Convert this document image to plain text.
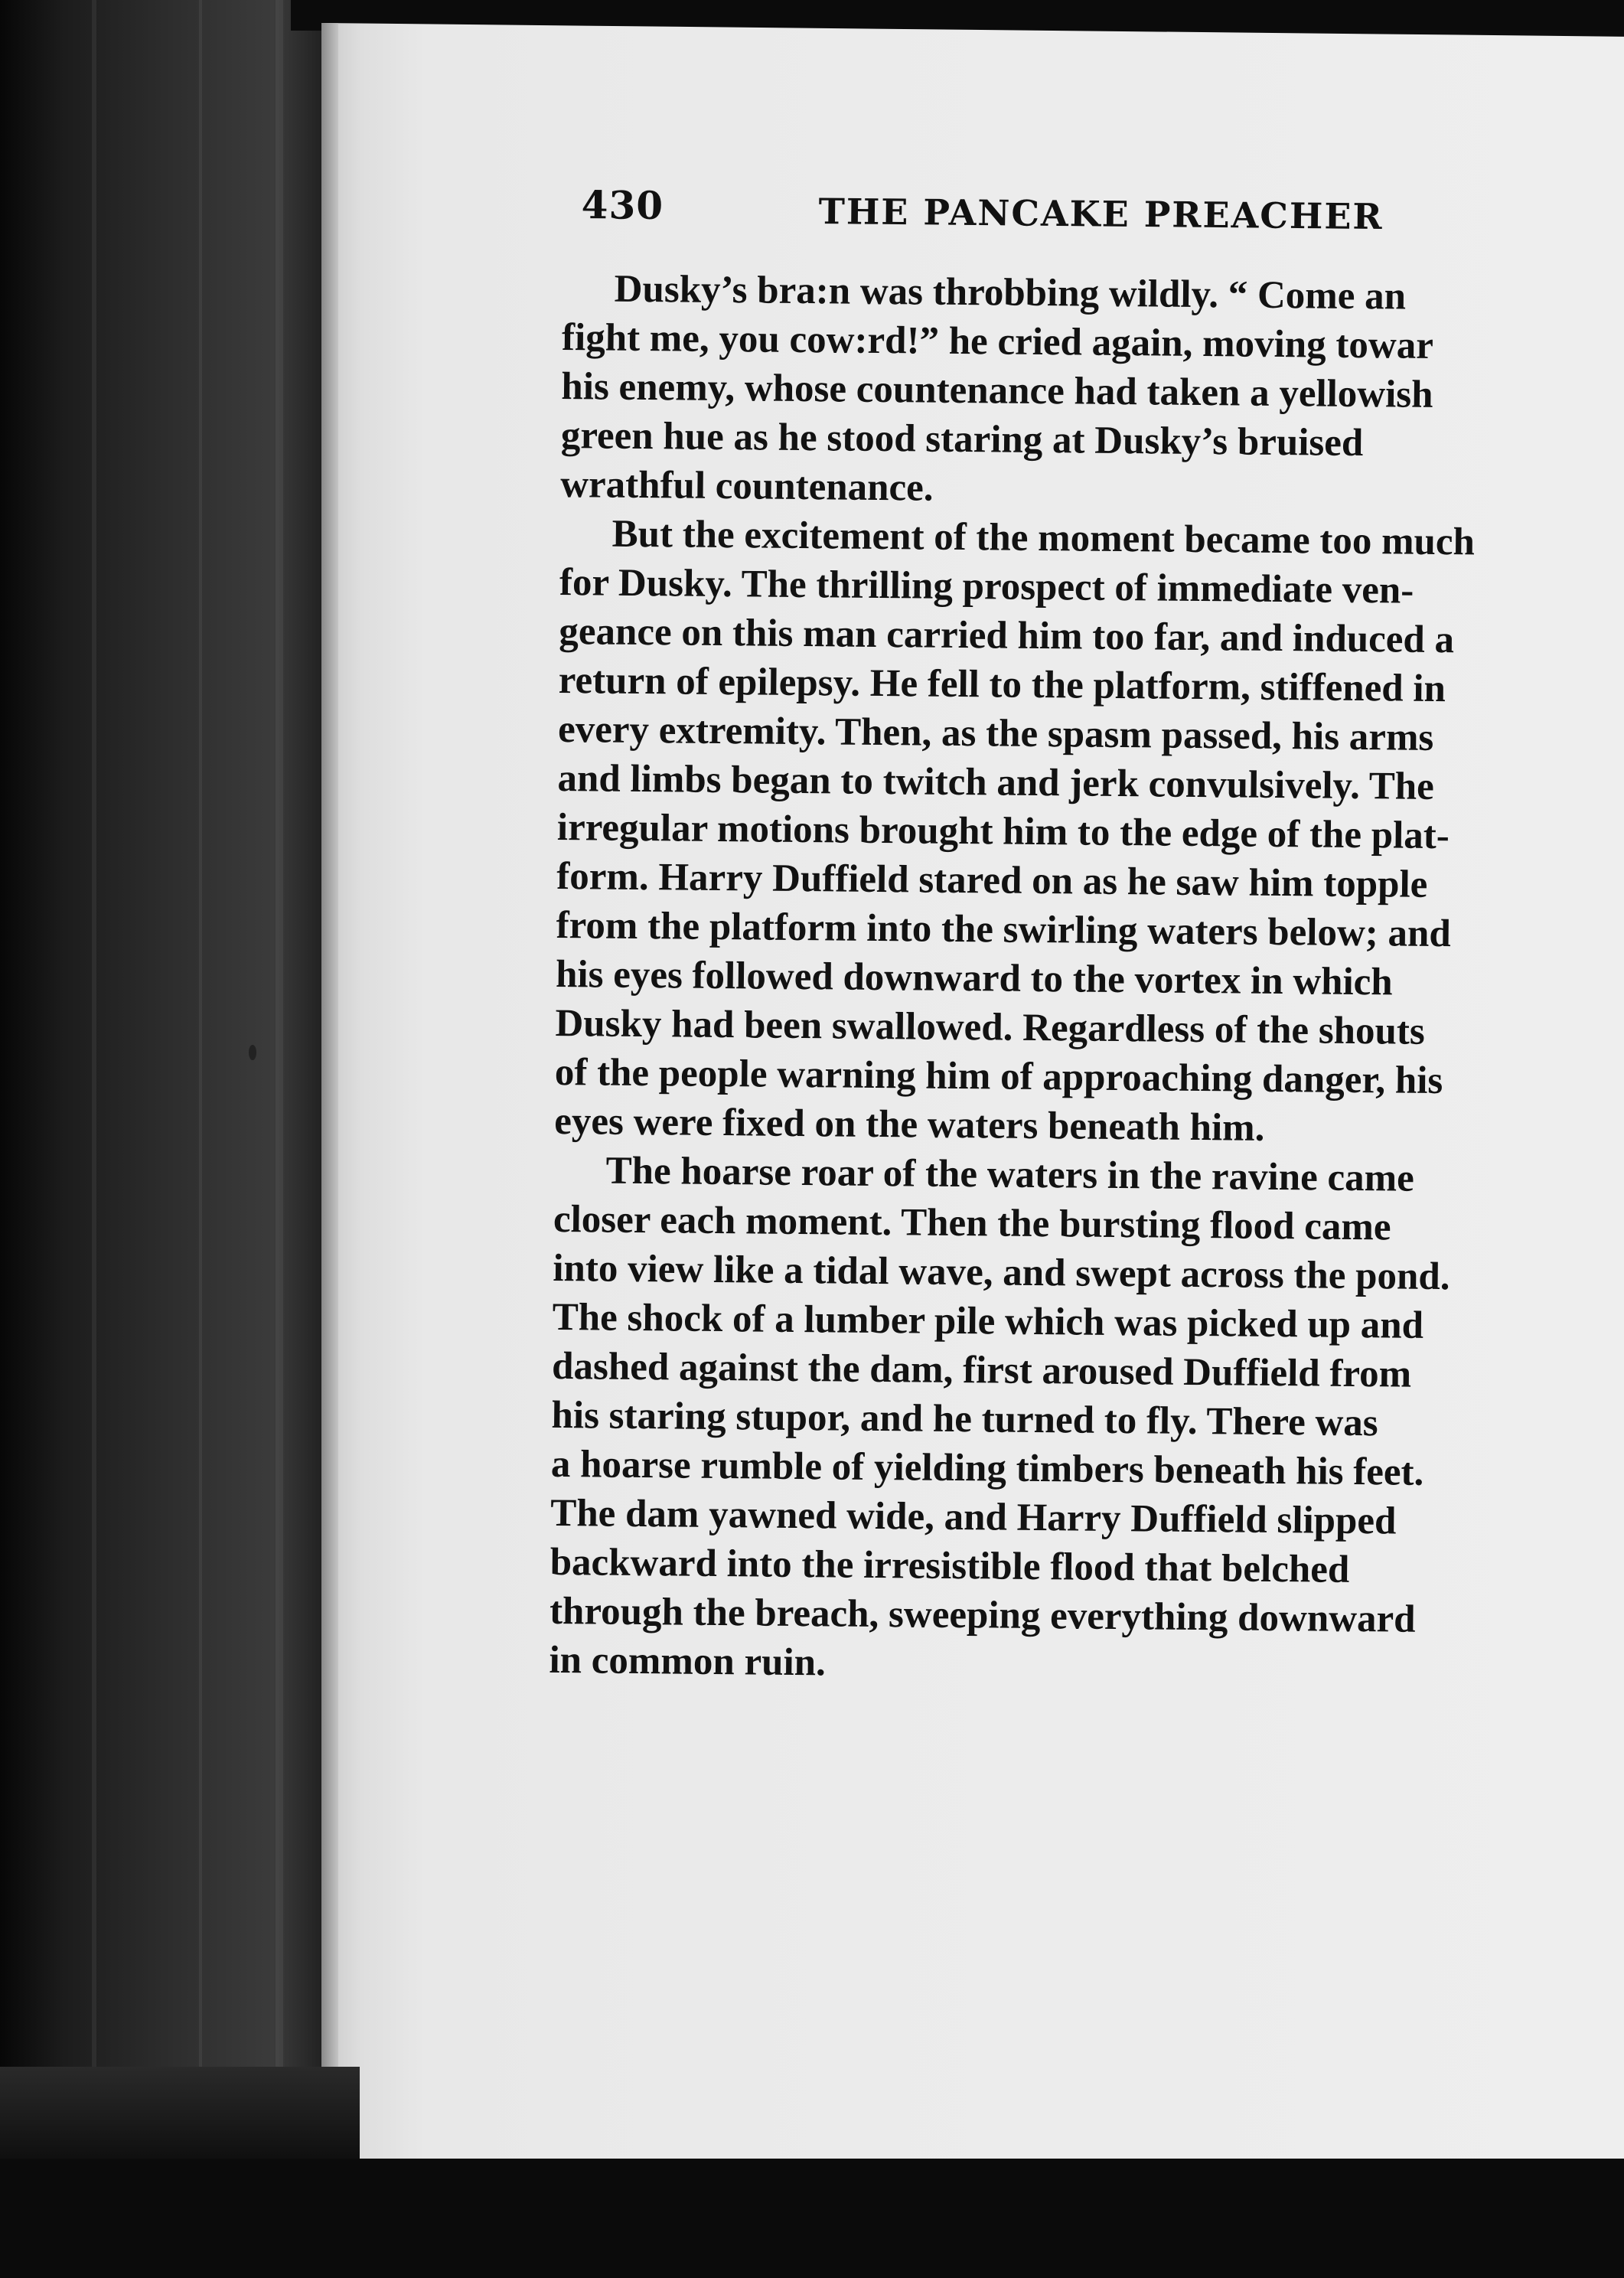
430	THE PANCAKE PREACHER
Dusky’s bra:n was throbbing wildly. “ Come an
fight me, you cow:rd!” he cried again, moving towar
his enemy, whose countenance had taken a yellowish
green hue as he stood staring at Dusky’s bruised
wrathful countenance.
But the excitement of the moment became too much
for Dusky. The thrilling prospect of immediate ven-
geance on this man carried him too far, and induced a
return of epilepsy. He fell to the platform, stiffened in
every extremity. Then, as the spasm passed, his arms
and limbs began to twitch and jerk convulsively. The
irregular motions brought him to the edge of the plat-
form. Harry Duffield stared on as he saw him topple
from the platform into the swirling waters below; and
his eyes followed downward to the vortex in which
Dusky had been swallowed. Regardless of the shouts
of the people warning him of approaching danger, his
eyes were fixed on the waters beneath him.
The hoarse roar of the waters in the ravine came
closer each moment. Then the bursting flood came
into view like a tidal wave, and swept across the pond.
The shock of a lumber pile which was picked up and
dashed against the dam, first aroused Duffield from
his staring stupor, and he turned to fly. There was
a hoarse rumble of yielding timbers beneath his feet.
The dam yawned wide, and Harry Duffield slipped
backward into the irresistible flood that belched
through the breach, sweeping everything downward
in common ruin.
